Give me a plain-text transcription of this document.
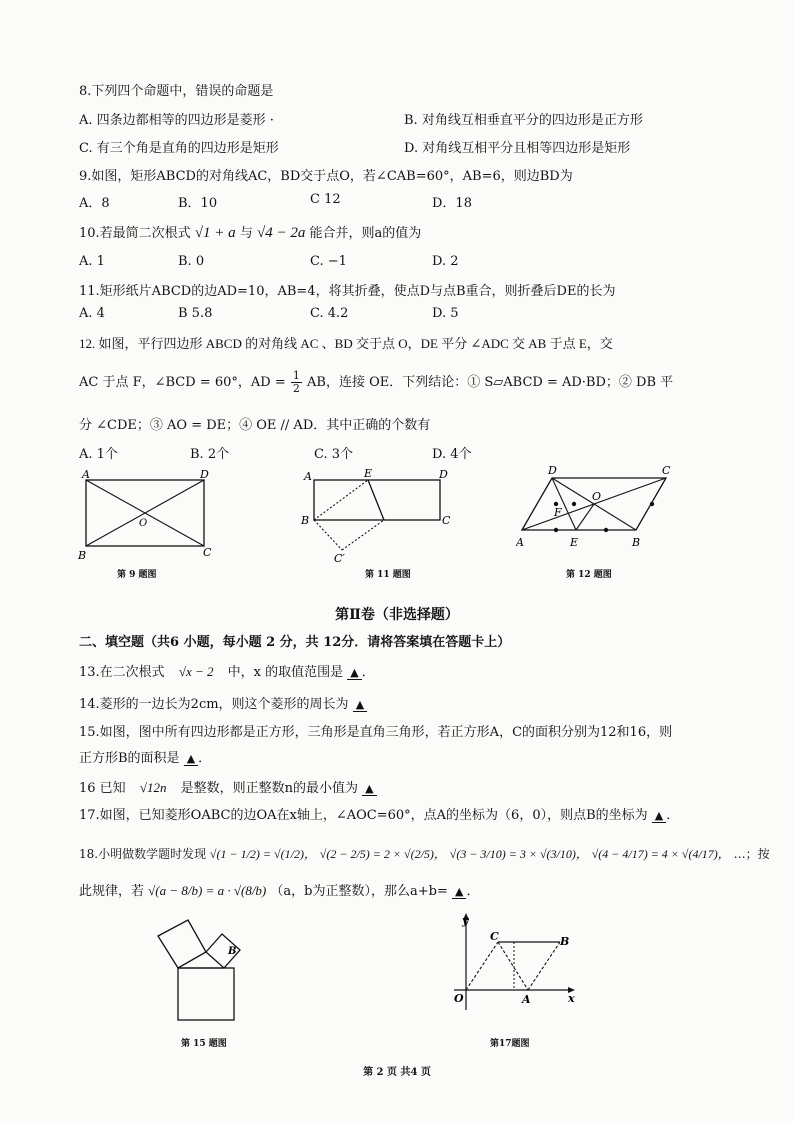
8.下列四个命题中，错误的命题是
A. 四条边都相等的四边形是菱形 ·	B. 对角线互相垂直平分的四边形是正方形
C. 有三个角是直角的四边形是矩形	D. 对角线互相平分且相等四边形是矩形
9.如图，矩形ABCD的对角线AC，BD交于点O，若∠CAB=60°，AB=6，则边BD为
A．8	B．10	C 12	D．18
10.若最简二次根式 √1 + a 与 √4 − 2a 能合并，则a的值为
A. 1	B. 0	C. −1	D. 2
11.矩形纸片ABCD的边AD=10，AB=4，将其折叠，使点D与点B重合，则折叠后DE的长为
A. 4	B 5.8	C. 4.2	D. 5
12. 如图，平行四边形 ABCD 的对角线 AC 、BD 交于点 O，DE 平分 ∠ADC 交 AB 于点 E，交
AC 于点 F，∠BCD = 60°，AD = $\frac{1}{2}$ AB，连接 OE．下列结论：① S▱ABCD = AD·BD；② DB 平
分 ∠CDE；③ AO = DE；④ OE // AD．其中正确的个数有
A. 1个	B. 2个	C. 3个	D. 4个
A	D
B	C
O
第 9 题图
A	E	D
B	C
C′
第 11 题图
A	B
C
D
E
F
O
第 12 题图
第Ⅱ卷（非选择题）
二、填空题（共6 小题，每小题 2 分，共 12分．请将答案填在答题卡上）
13.在二次根式 √x − 2 中，x 的取值范围是 ▲ ．
14.菱形的一边长为2cm，则这个菱形的周长为 ▲
15.如图，图中所有四边形都是正方形，三角形是直角三角形，若正方形A，C的面积分别为12和16，则
正方形B的面积是 ▲ ．
16 已知 √12n 是整数，则正整数n的最小值为 ▲
17.如图，已知菱形OABC的边OA在x轴上，∠AOC=60°，点A的坐标为（6，0），则点B的坐标为 ▲ ．
18.小明做数学题时发现 √(1 − 1/2) = √(1/2)， √(2 − 2/5) = 2 × √(2/5)， √(3 − 3/10) = 3 × √(3/10)， √(4 − 4/17) = 4 × √(4/17)， …；按
此规律，若 √(a − 8/b) = a · √(8/b) （a，b为正整数），那么a+b= ▲ ．
B
第 15 题图
y
x
O	A
B
C
第17题图
第 2 页 共4 页
